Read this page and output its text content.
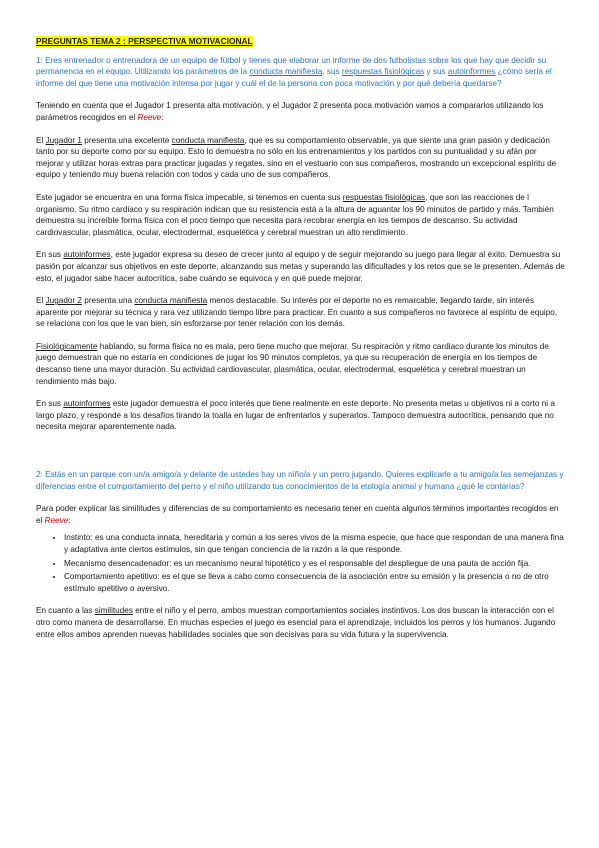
PREGUNTAS TEMA 2 : PERSPECTIVA MOTIVACIONAL

1: Eres entrenador o entrenadora de un equipo de fútbol y tienes que elaborar un informe de dos futbolistas sobre los que hay que decidir su permanencia en el equipo. Utilizando los parámetros de la conducta manifiesta, sus respuestas fisiológicas y sus autoinformes ¿cómo sería el informe del que tiene una motivación intensa por jugar y cuál el de la persona con poca motivación y por qué debería quedarse?

Teniendo en cuenta que el Jugador 1 presenta alta motivación, y el Jugador 2 presenta poca motivación vamos a compararlos utilizando los parámetros recogidos en el Reeve:

El Jugador 1 presenta una excelente conducta manifiesta, que es su comportamiento observable, ya que siente una gran pasión y dedicación tanto por su deporte como por su equipo. Esto lo demuestra no sólo en los entrenamientos y los partidos con su puntualidad y su afán por mejorar y utilizar horas extras para practicar jugadas y regates, sino en el vestuario con sus compañeros, mostrando un excepcional espíritu de equipo y teniendo muy buena relación con todos y cada uno de sus compañeros.

Este jugador se encuentra en una forma física impecable, si tenemos en cuenta sus respuestas fisiológicas, que son las reacciones de l organismo. Su ritmo cardiaco y su respiración indican que su resistencia está a la altura de aguantar los 90 minutos de partido y más. También demuestra su increíble forma física con el poco tiempo que necesita para recobrar energía en los tiempos de descanso. Su actividad cardiovascular, plasmática, ocular, electrodermal, esquelética y cerebral muestran un alto rendimiento.

En sus autoinformes, este jugador expresa su deseo de crecer junto al equipo y de seguir mejorando su juego para llegar al éxito. Demuestra su pasión por alcanzar sus objetivos en este deporte, alcanzando sus metas y superando las dificultades y los retos que se le presenten. Además de esto, el jugador sabe hacer autocrítica, sabe cuándo se equivoca y en qué puede mejorar.

El Jugador 2 presenta una conducta manifiesta menos destacable. Su interés por el deporte no es remarcable, llegando tarde, sin interés aparente por mejorar su técnica y rara vez utilizando tiempo libre para practicar. En cuanto a sus compañeros no favorece al espíritu de equipo, se relaciona con los que le van bien, sin esforzarse por tener relación con los demás.

Fisiológicamente hablando, su forma física no es mala, pero tiene mucho que mejorar. Su respiración y ritmo cardiaco durante los minutos de juego demuestran que no estaría en condiciones de jugar los 90 minutos completos, ya que su recuperación de energía en los tiempos de descanso tiene una mayor duración. Su actividad cardiovascular, plasmática, ocular, electrodermal, esquelética y cerebral muestran un rendimiento más bajo.

En sus autoinformes este jugador demuestra el poco interés que tiene realmente en este deporte. No presenta metas u objetivos ni a corto ni a largo plazo, y responde a los desafíos tirando la toalla en lugar de enfrentarlos y superarlos. Tampoco demuestra autocrítica, pensando que no necesita mejorar aparentemente nada.

2: Estás en un parque con un/a amigo/a y delante de ustedes hay un niño/a y un perro jugando. Quieres explicarle a tu amigo/a las semejanzas y diferencias entre el comportamiento del perro y el niño utilizando tus conocimientos de la etología animal y humana ¿qué le contarías?

Para poder explicar las similitudes y diferencias de su comportamiento es necesario tener en cuenta algunos términos importantes recogidos en el Reeve:

• Instinto: es una conducta innata, hereditaria y común a los seres vivos de la misma especie, que hace que respondan de una manera fina y adaptativa ante ciertos estímulos, sin que tengan conciencia de la razón a la que responde.
• Mecanismo desencadenador: es un mecanismo neural hipotético y es el responsable del despliegue de una pauta de acción fija.
• Comportamiento apetitivo: es el que se lleva a cabo como consecuencia de la asociación entre su emisión y la presencia o no de otro estímulo apetitivo o aversivo.

En cuanto a las similitudes entre el niño y el perro, ambos muestran comportamientos sociales instintivos. Los dos buscan la interacción con el otro como manera de desarrollarse. En muchas especies el juego es esencial para el aprendizaje, incluidos los perros y los humanos. Jugando entre ellos ambos aprenden nuevas habilidades sociales que son decisivas para su vida futura y la supervivencia.
